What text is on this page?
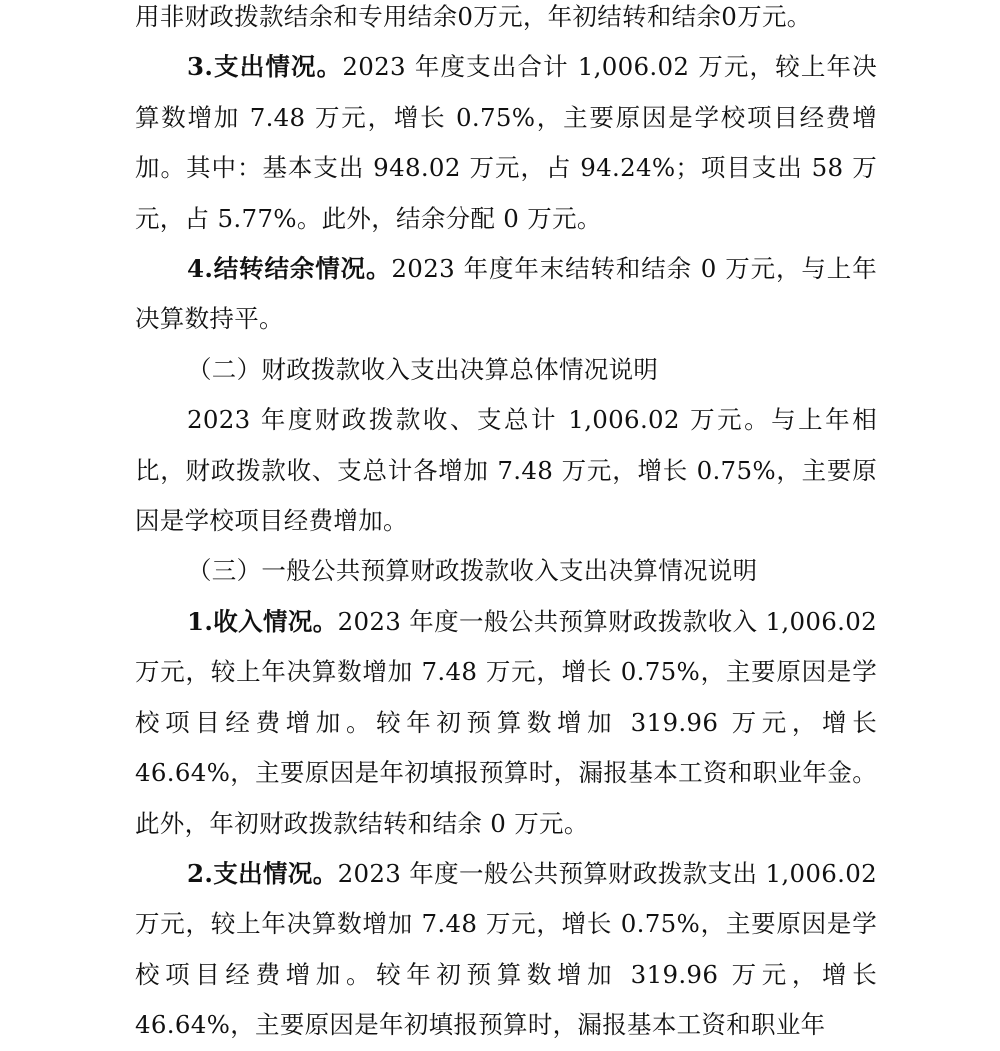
用非财政拨款结余和专用结余0万元，年初结转和结余0万元。

3.支出情况。2023 年度支出合计 1,006.02 万元，较上年决算数增加 7.48 万元，增长 0.75%，主要原因是学校项目经费增加。其中：基本支出 948.02 万元，占 94.24%；项目支出 58 万元，占 5.77%。此外，结余分配 0 万元。

4.结转结余情况。2023 年度年末结转和结余 0 万元，与上年决算数持平。

（二）财政拨款收入支出决算总体情况说明

2023 年度财政拨款收、支总计 1,006.02 万元。与上年相比，财政拨款收、支总计各增加 7.48 万元，增长 0.75%，主要原因是学校项目经费增加。

（三）一般公共预算财政拨款收入支出决算情况说明

1.收入情况。2023 年度一般公共预算财政拨款收入 1,006.02 万元，较上年决算数增加 7.48 万元，增长 0.75%，主要原因是学校项目经费增加。较年初预算数增加 319.96 万元，增长 46.64%，主要原因是年初填报预算时，漏报基本工资和职业年金。此外，年初财政拨款结转和结余 0 万元。

2.支出情况。2023 年度一般公共预算财政拨款支出 1,006.02 万元，较上年决算数增加 7.48 万元，增长 0.75%，主要原因是学校项目经费增加。较年初预算数增加 319.96 万元，增长 46.64%，主要原因是年初填报预算时，漏报基本工资和职业年
